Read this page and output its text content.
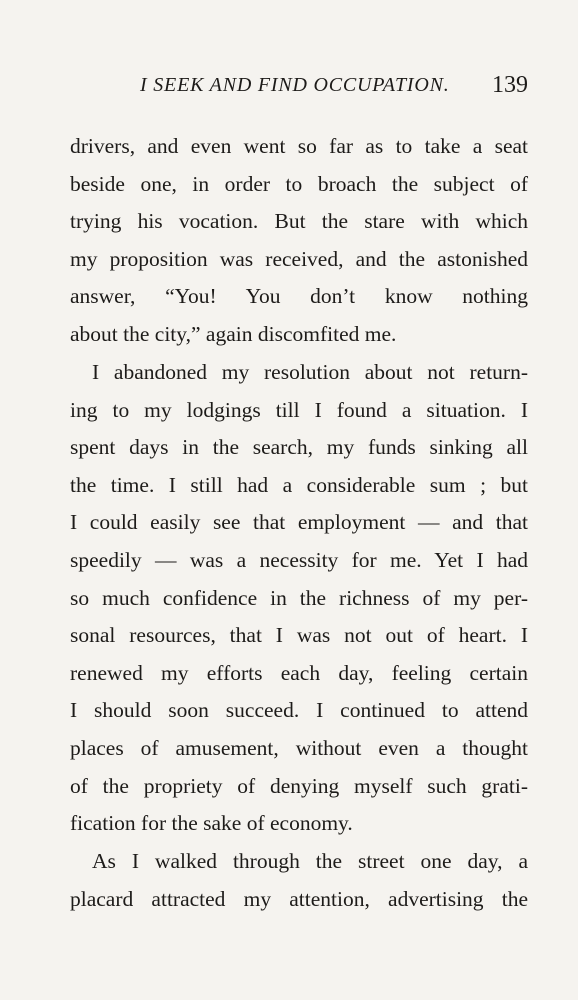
I SEEK AND FIND OCCUPATION. 139
drivers, and even went so far as to take a seat
beside one, in order to broach the subject of
trying his vocation. But the stare with which
my proposition was received, and the astonished
answer, “You! You don’t know nothing
about the city,” again discomfited me.
I abandoned my resolution about not return-
ing to my lodgings till I found a situation. I
spent days in the search, my funds sinking all
the time. I still had a considerable sum ; but
I could easily see that employment — and that
speedily — was a necessity for me. Yet I had
so much confidence in the richness of my per-
sonal resources, that I was not out of heart. I
renewed my efforts each day, feeling certain
I should soon succeed. I continued to attend
places of amusement, without even a thought
of the propriety of denying myself such grati-
fication for the sake of economy.
As I walked through the street one day, a
placard attracted my attention, advertising the
